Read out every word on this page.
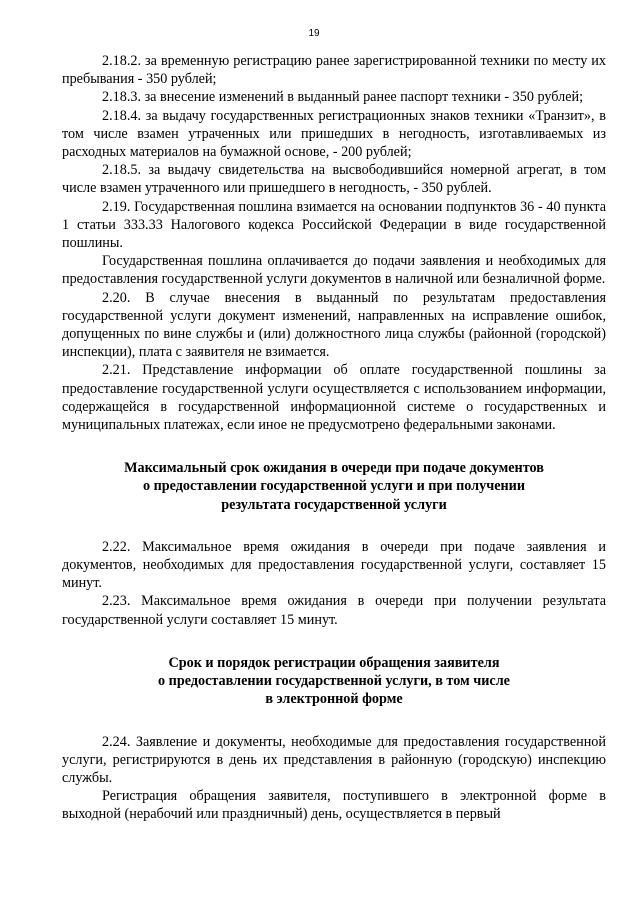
19

2.18.2. за временную регистрацию ранее зарегистрированной техники по месту их пребывания - 350 рублей;

2.18.3. за внесение изменений в выданный ранее паспорт техники - 350 рублей;

2.18.4. за выдачу государственных регистрационных знаков техники «Транзит», в том числе взамен утраченных или пришедших в негодность, изготавливаемых из расходных материалов на бумажной основе, - 200 рублей;

2.18.5. за выдачу свидетельства на высвободившийся номерной агрегат, в том числе взамен утраченного или пришедшего в негодность, - 350 рублей.

2.19. Государственная пошлина взимается на основании подпунктов 36 - 40 пункта 1 статьи 333.33 Налогового кодекса Российской Федерации в виде государственной пошлины.

Государственная пошлина оплачивается до подачи заявления и необходимых для предоставления государственной услуги документов в наличной или безналичной форме.

2.20. В случае внесения в выданный по результатам предоставления государственной услуги документ изменений, направленных на исправление ошибок, допущенных по вине службы и (или) должностного лица службы (районной (городской) инспекции), плата с заявителя не взимается.

2.21. Представление информации об оплате государственной пошлины за предоставление государственной услуги осуществляется с использованием информации, содержащейся в государственной информационной системе о государственных и муниципальных платежах, если иное не предусмотрено федеральными законами.

Максимальный срок ожидания в очереди при подаче документов
о предоставлении государственной услуги и при получении
результата государственной услуги

2.22. Максимальное время ожидания в очереди при подаче заявления и документов, необходимых для предоставления государственной услуги, составляет 15 минут.

2.23. Максимальное время ожидания в очереди при получении результата государственной услуги составляет 15 минут.

Срок и порядок регистрации обращения заявителя
о предоставлении государственной услуги, в том числе
в электронной форме

2.24. Заявление и документы, необходимые для предоставления государственной услуги, регистрируются в день их представления в районную (городскую) инспекцию службы.

Регистрация обращения заявителя, поступившего в электронной форме в выходной (нерабочий или праздничный) день, осуществляется в первый
